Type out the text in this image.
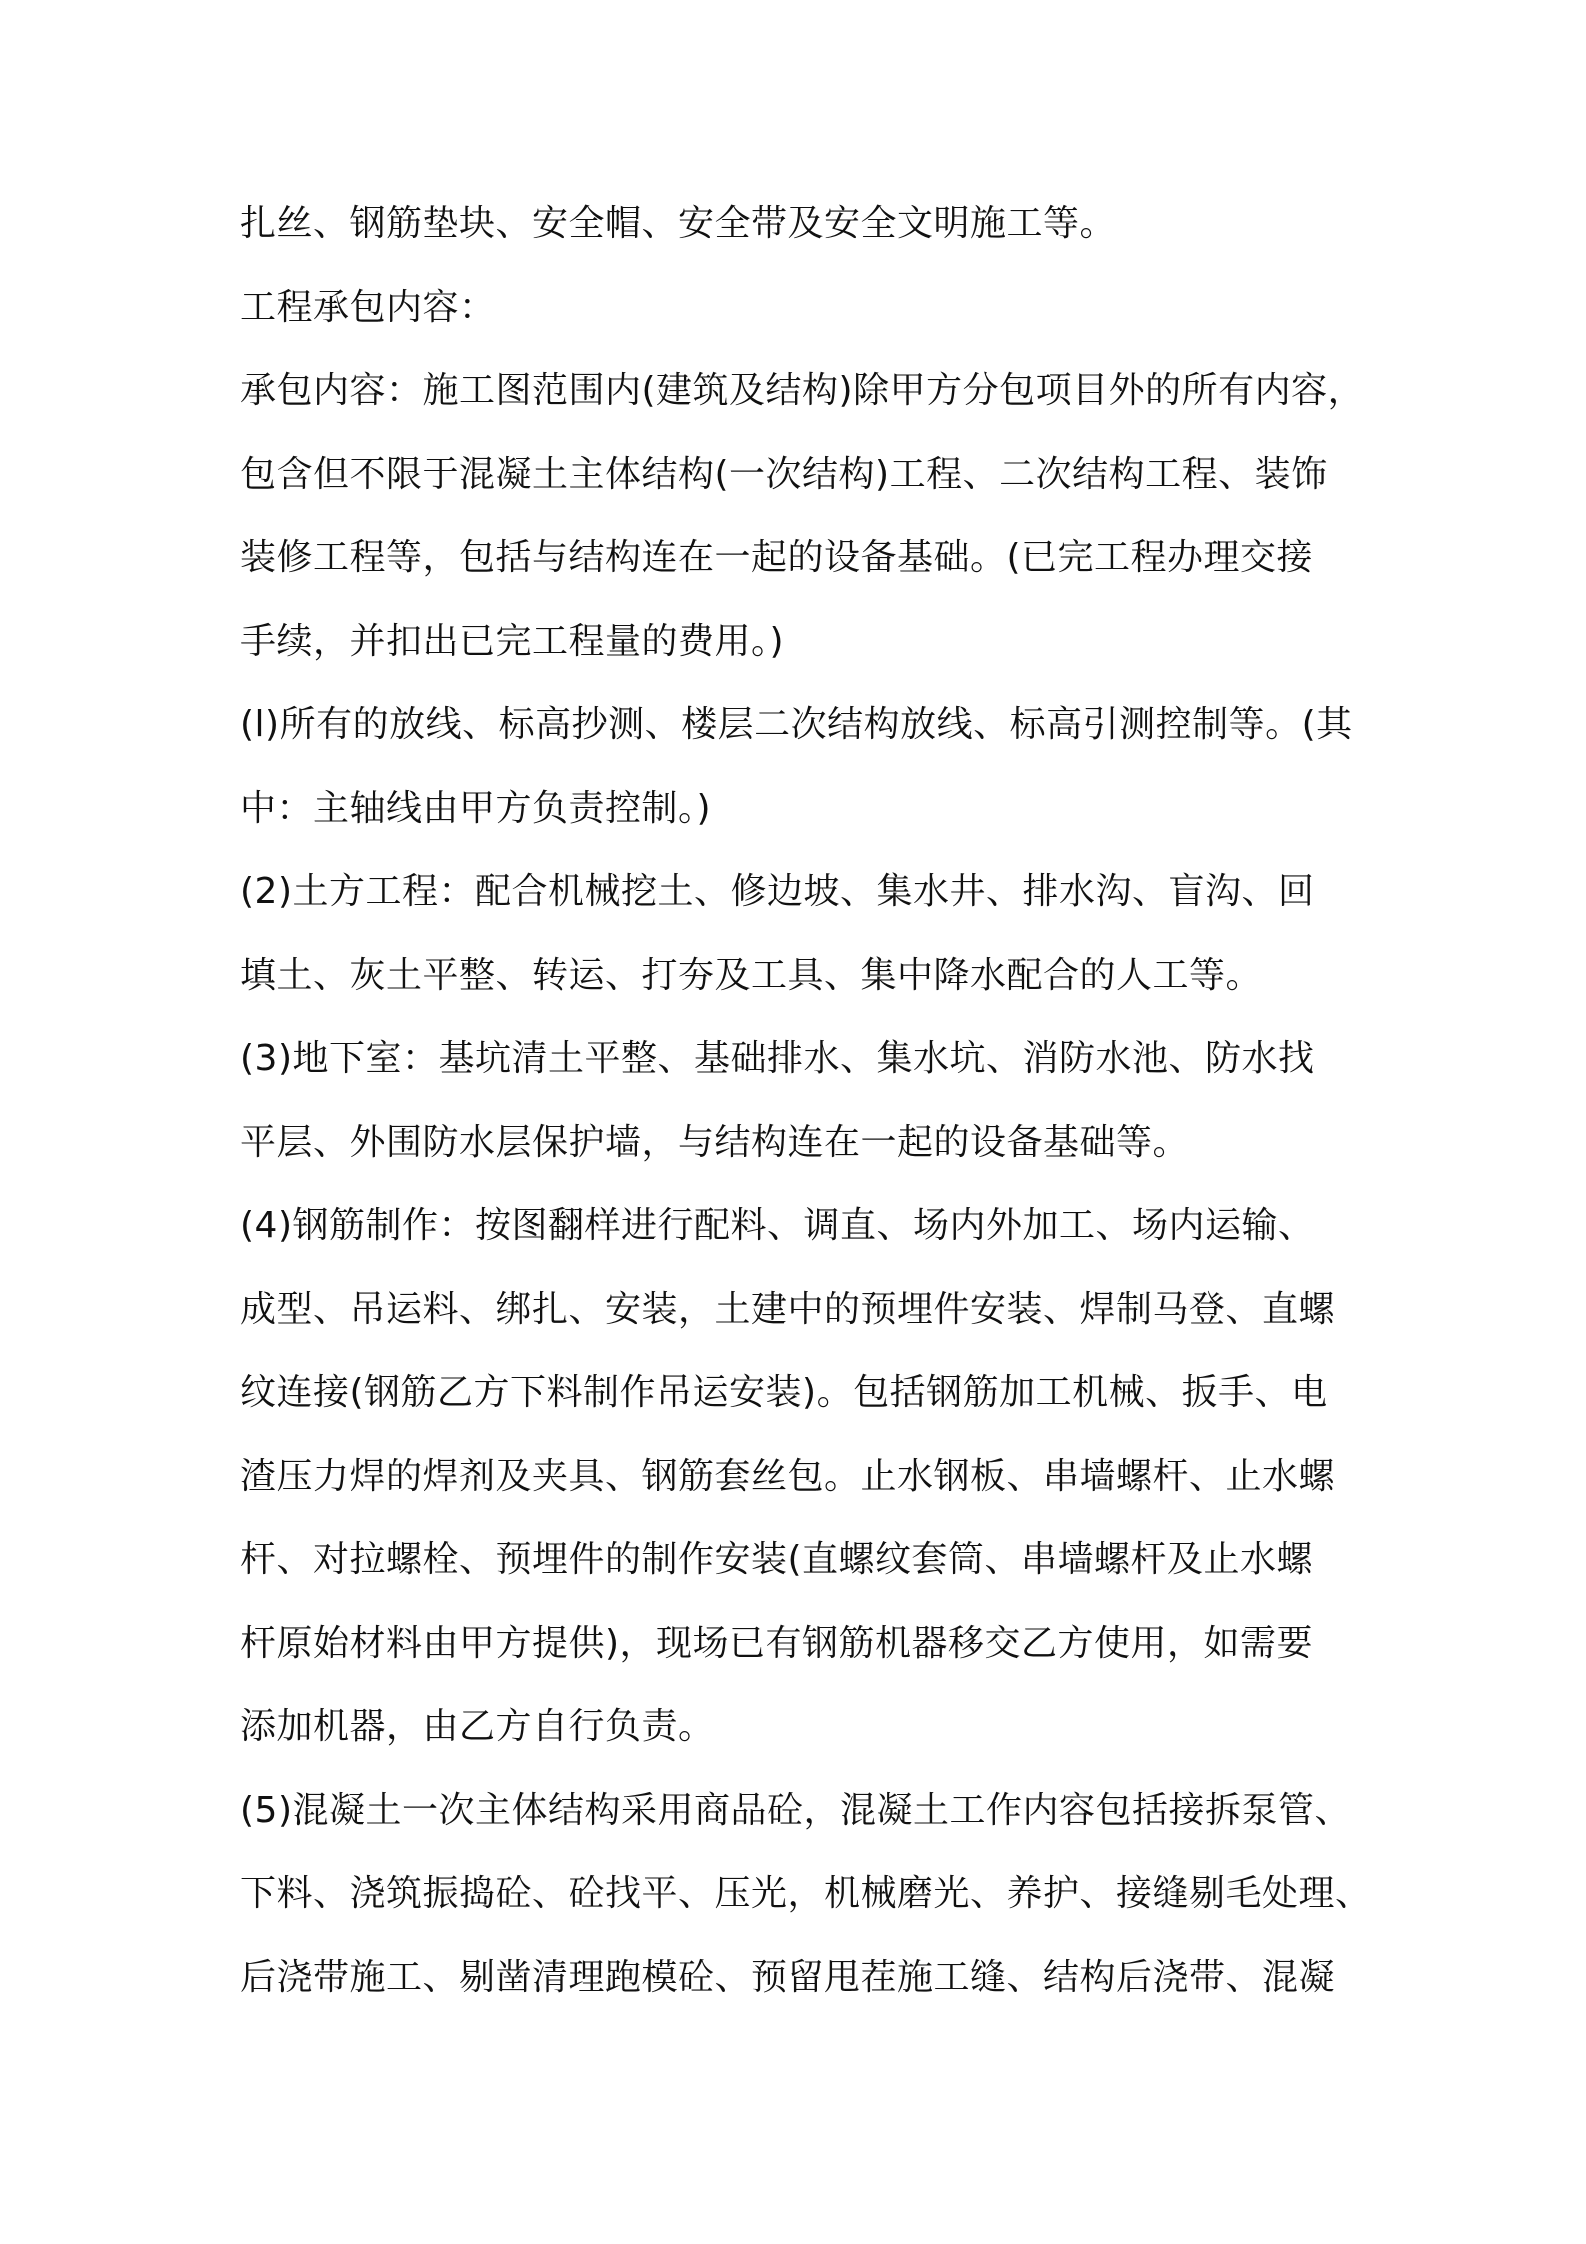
扎丝、钢筋垫块、安全帽、安全带及安全文明施工等。
工程承包内容：
承包内容：施工图范围内(建筑及结构)除甲方分包项目外的所有内容，
包含但不限于混凝土主体结构(一次结构)工程、二次结构工程、装饰
装修工程等，包括与结构连在一起的设备基础。(已完工程办理交接
手续，并扣出已完工程量的费用。)
(l)所有的放线、标高抄测、楼层二次结构放线、标高引测控制等。(其
中：主轴线由甲方负责控制。)
(2)土方工程：配合机械挖土、修边坡、集水井、排水沟、盲沟、回
填土、灰土平整、转运、打夯及工具、集中降水配合的人工等。
(3)地下室：基坑清土平整、基础排水、集水坑、消防水池、防水找
平层、外围防水层保护墙，与结构连在一起的设备基础等。
(4)钢筋制作：按图翻样进行配料、调直、场内外加工、场内运输、
成型、吊运料、绑扎、安装，土建中的预埋件安装、焊制马登、直螺
纹连接(钢筋乙方下料制作吊运安装)。包括钢筋加工机械、扳手、电
渣压力焊的焊剂及夹具、钢筋套丝包。止水钢板、串墙螺杆、止水螺
杆、对拉螺栓、预埋件的制作安装(直螺纹套筒、串墙螺杆及止水螺
杆原始材料由甲方提供)，现场已有钢筋机器移交乙方使用，如需要
添加机器，由乙方自行负责。
(5)混凝土一次主体结构采用商品砼，混凝土工作内容包括接拆泵管、
下料、浇筑振捣砼、砼找平、压光，机械磨光、养护、接缝剔毛处理、
后浇带施工、剔凿清理跑模砼、预留甩茬施工缝、结构后浇带、混凝
